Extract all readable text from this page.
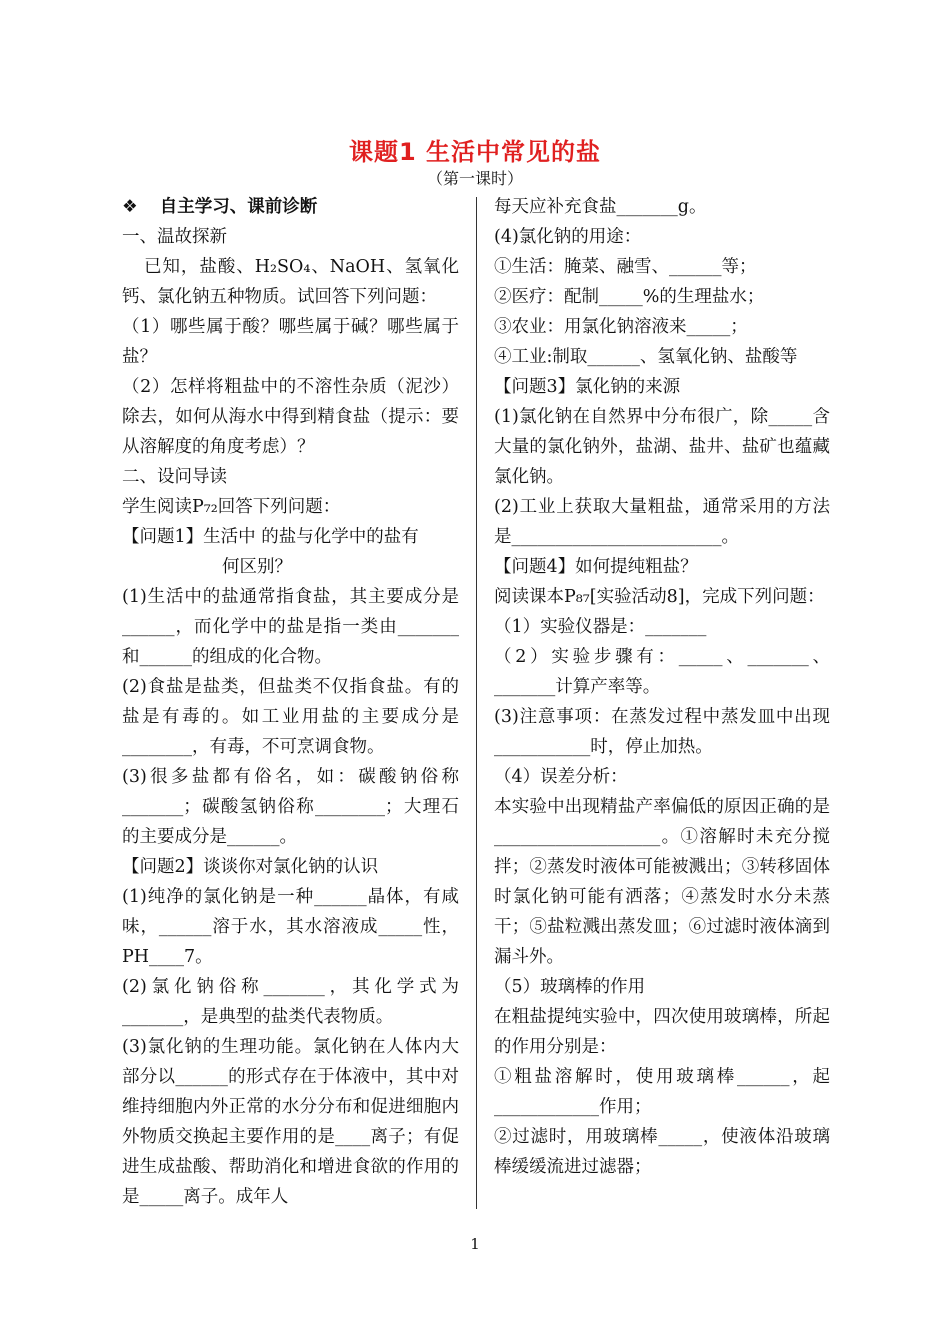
课题1 生活中常见的盐
（第一课时）

❖ 自主学习、课前诊断

一、温故探新

已知，盐酸、H₂SO₄、NaOH、氢氧化钙、氯化钠五种物质。试回答下列问题：

（1）哪些属于酸？哪些属于碱？哪些属于盐？

（2）怎样将粗盐中的不溶性杂质（泥沙）除去，如何从海水中得到精食盐（提示：要从溶解度的角度考虑）？

二、设问导读

学生阅读P₇₂回答下列问题：

【问题1】生活中 的盐与化学中的盐有

何区别？

(1)生活中的盐通常指食盐，其主要成分是______，而化学中的盐是指一类由_______和______的组成的化合物。

(2)食盐是盐类，但盐类不仅指食盐。有的盐是有毒的。如工业用盐的主要成分是________，有毒，不可烹调食物。

(3)很多盐都有俗名，如：碳酸钠俗称_______；碳酸氢钠俗称________；大理石的主要成分是______。

【问题2】谈谈你对氯化钠的认识

(1)纯净的氯化钠是一种______晶体，有咸味，______溶于水，其水溶液成_____性，PH____7。

(2)氯化钠俗称_______，其化学式为_______，是典型的盐类代表物质。

(3)氯化钠的生理功能。氯化钠在人体内大部分以______的形式存在于体液中，其中对维持细胞内外正常的水分分布和促进细胞内外物质交换起主要作用的是____离子；有促进生成盐酸、帮助消化和增进食欲的作用的是_____离子。成年人

每天应补充食盐_______g。

(4)氯化钠的用途：

①生活：腌菜、融雪、______等；

②医疗：配制_____%的生理盐水；

③农业：用氯化钠溶液来_____；

④工业:制取______、氢氧化钠、盐酸等

【问题3】氯化钠的来源

(1)氯化钠在自然界中分布很广，除_____含大量的氯化钠外，盐湖、盐井、盐矿也蕴藏氯化钠。

(2)工业上获取大量粗盐，通常采用的方法是________________________。

【问题4】如何提纯粗盐？

阅读课本P₈₇[实验活动8]，完成下列问题：

（1）实验仪器是：_______

（2）实验步骤有：_____、_______、_______计算产率等。

(3)注意事项：在蒸发过程中蒸发皿中出现___________时，停止加热。

（4）误差分析：

本实验中出现精盐产率偏低的原因正确的是___________________。①溶解时未充分搅拌；②蒸发时液体可能被溅出；③转移固体时氯化钠可能有洒落；④蒸发时水分未蒸干；⑤盐粒溅出蒸发皿；⑥过滤时液体滴到漏斗外。

（5）玻璃棒的作用

在粗盐提纯实验中，四次使用玻璃棒，所起的作用分别是：

①粗盐溶解时，使用玻璃棒______，起____________作用；

②过滤时，用玻璃棒_____，使液体沿玻璃棒缓缓流进过滤器；

1
